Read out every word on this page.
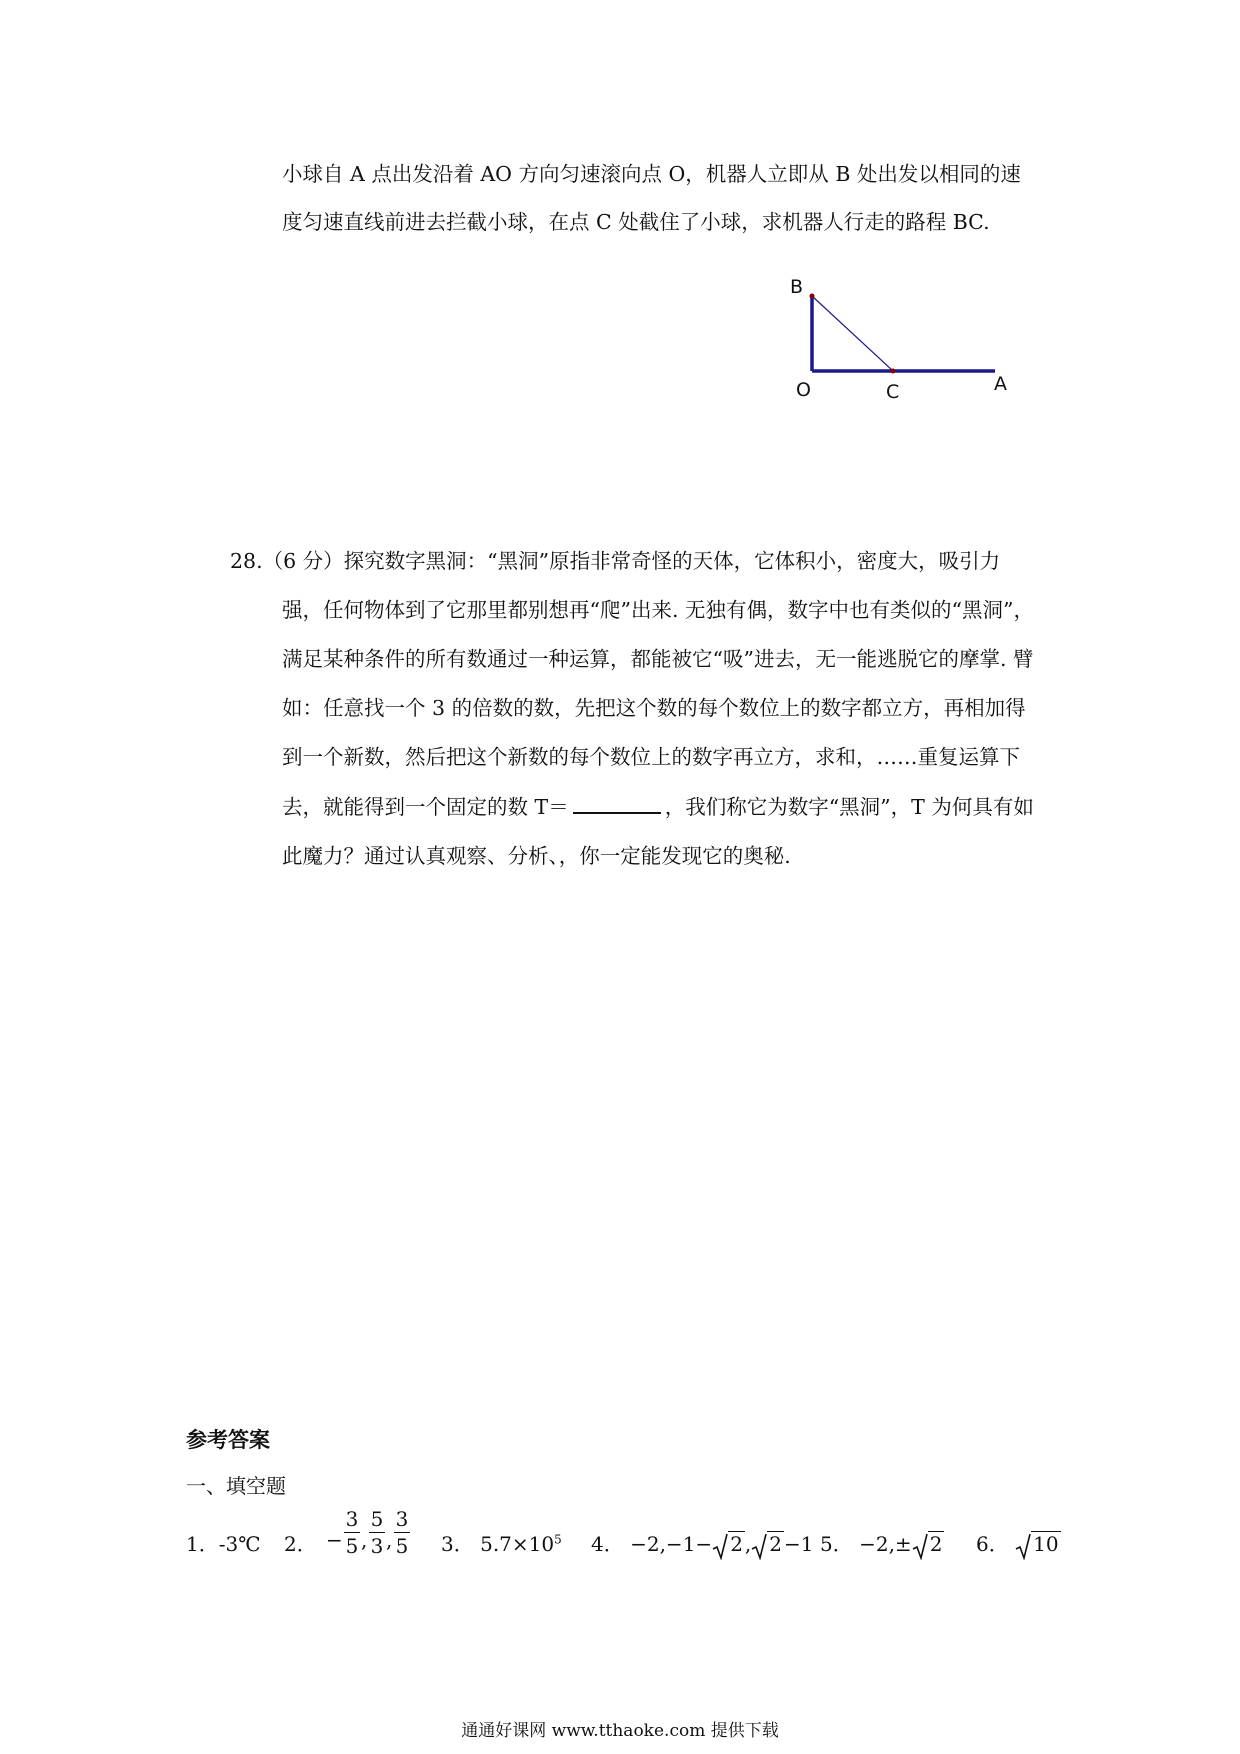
小球自 A 点出发沿着 AO 方向匀速滚向点 O，机器人立即从 B 处出发以相同的速
度匀速直线前进去拦截小球，在点 C 处截住了小球，求机器人行走的路程 BC.
B
O	C	A
28.（6 分）探究数字黑洞：“黑洞”原指非常奇怪的天体，它体积小，密度大，吸引力
强，任何物体到了它那里都别想再“爬”出来. 无独有偶，数字中也有类似的“黑洞”，
满足某种条件的所有数通过一种运算，都能被它“吸”进去，无一能逃脱它的摩掌. 臂
如：任意找一个 3 的倍数的数，先把这个数的每个数位上的数字都立方，再相加得
到一个新数，然后把这个新数的每个数位上的数字再立方，求和，……重复运算下
去，就能得到一个固定的数 T＝	，我们称它为数字“黑洞”，T 为何具有如
此魔力？通过认真观察、分析、，你一定能发现它的奥秘.
参考答案
一、填空题
1．-3℃ 2． −
3
5 ,
5
3 ,
3
5 3． $5.7\times 10^5$ 4． −2,−1− 2 , 2 −1 5． −2,± 2 6． 10
通通好课网 www.tthaoke.com 提供下载
